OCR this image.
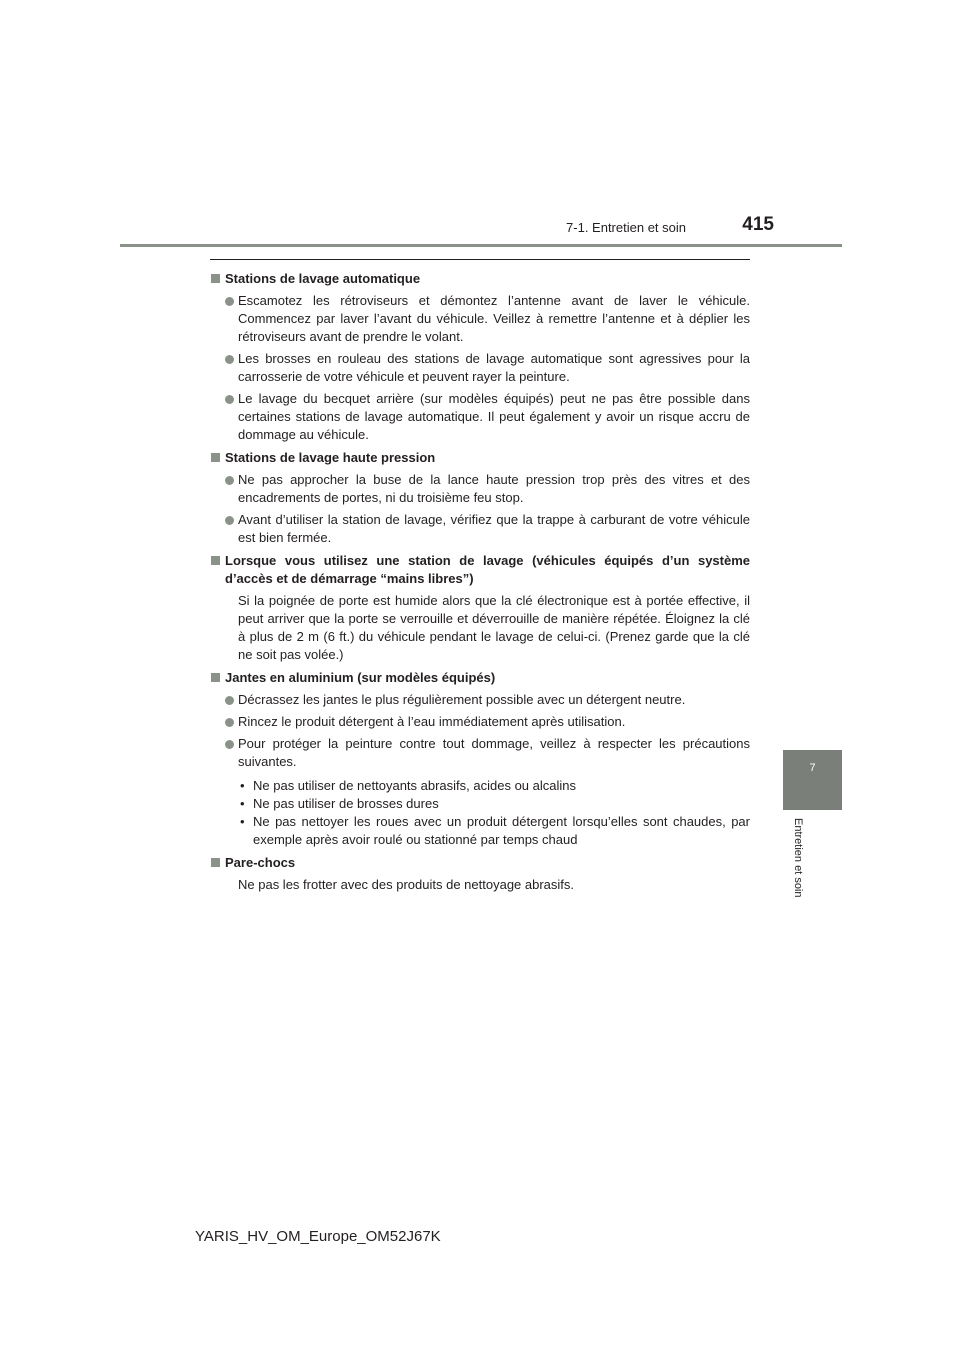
7-1. Entretien et soin	415
7
Entretien et soin
Stations de lavage automatique
Escamotez les rétroviseurs et démontez l’antenne avant de laver le véhicule. Commencez par laver l’avant du véhicule. Veillez à remettre l’antenne et à déplier les rétroviseurs avant de prendre le volant.
Les brosses en rouleau des stations de lavage automatique sont agressives pour la carrosserie de votre véhicule et peuvent rayer la peinture.
Le lavage du becquet arrière (sur modèles équipés) peut ne pas être possible dans certaines stations de lavage automatique. Il peut également y avoir un risque accru de dommage au véhicule.
Stations de lavage haute pression
Ne pas approcher la buse de la lance haute pression trop près des vitres et des encadrements de portes, ni du troisième feu stop.
Avant d’utiliser la station de lavage, vérifiez que la trappe à carburant de votre véhicule est bien fermée.
Lorsque vous utilisez une station de lavage (véhicules équipés d’un système d’accès et de démarrage “mains libres”)
Si la poignée de porte est humide alors que la clé électronique est à portée effective, il peut arriver que la porte se verrouille et déverrouille de manière répétée. Éloignez la clé à plus de 2 m (6 ft.) du véhicule pendant le lavage de celui-ci. (Prenez garde que la clé ne soit pas volée.)
Jantes en aluminium (sur modèles équipés)
Décrassez les jantes le plus régulièrement possible avec un détergent neutre.
Rincez le produit détergent à l’eau immédiatement après utilisation.
Pour protéger la peinture contre tout dommage, veillez à respecter les précautions suivantes.
• Ne pas utiliser de nettoyants abrasifs, acides ou alcalins
• Ne pas utiliser de brosses dures
• Ne pas nettoyer les roues avec un produit détergent lorsqu’elles sont chaudes, par exemple après avoir roulé ou stationné par temps chaud
Pare-chocs
Ne pas les frotter avec des produits de nettoyage abrasifs.
YARIS_HV_OM_Europe_OM52J67K
